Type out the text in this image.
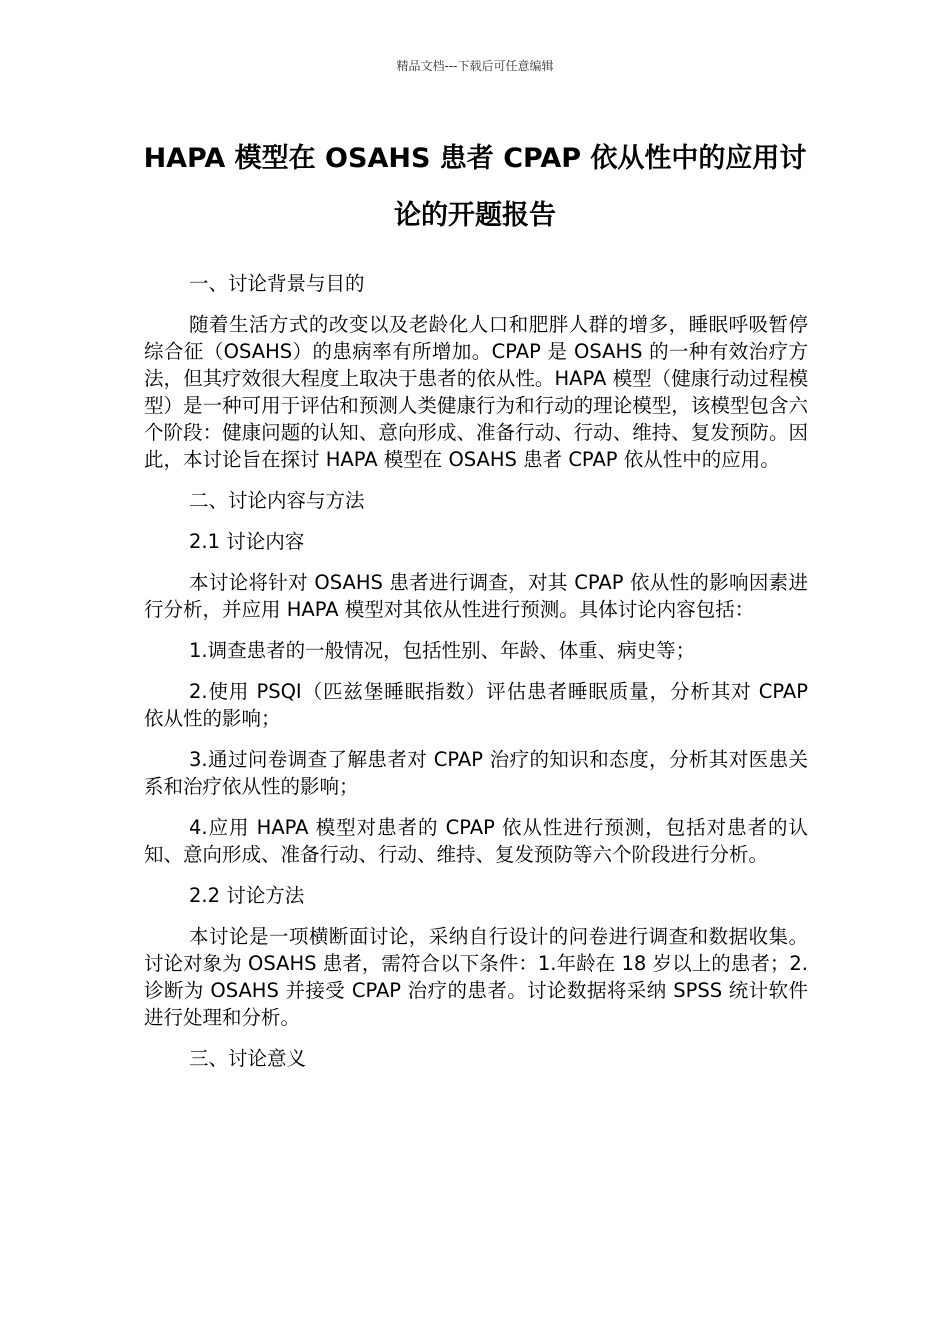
精品文档---下载后可任意编辑
HAPA 模型在 OSAHS 患者 CPAP 依从性中的应用讨论的开题报告

一、讨论背景与目的

随着生活方式的改变以及老龄化人口和肥胖人群的增多，睡眠呼吸暂停综合征（OSAHS）的患病率有所增加。CPAP 是 OSAHS 的一种有效治疗方法，但其疗效很大程度上取决于患者的依从性。HAPA 模型（健康行动过程模型）是一种可用于评估和预测人类健康行为和行动的理论模型，该模型包含六个阶段：健康问题的认知、意向形成、准备行动、行动、维持、复发预防。因此，本讨论旨在探讨 HAPA 模型在 OSAHS 患者 CPAP 依从性中的应用。

二、讨论内容与方法

2.1 讨论内容

本讨论将针对 OSAHS 患者进行调查，对其 CPAP 依从性的影响因素进行分析，并应用 HAPA 模型对其依从性进行预测。具体讨论内容包括：

1.调查患者的一般情况，包括性别、年龄、体重、病史等；

2.使用 PSQI（匹兹堡睡眠指数）评估患者睡眠质量，分析其对 CPAP 依从性的影响；

3.通过问卷调查了解患者对 CPAP 治疗的知识和态度，分析其对医患关系和治疗依从性的影响；

4.应用 HAPA 模型对患者的 CPAP 依从性进行预测，包括对患者的认知、意向形成、准备行动、行动、维持、复发预防等六个阶段进行分析。

2.2 讨论方法

本讨论是一项横断面讨论，采纳自行设计的问卷进行调查和数据收集。讨论对象为 OSAHS 患者，需符合以下条件：1.年龄在 18 岁以上的患者；2.诊断为 OSAHS 并接受 CPAP 治疗的患者。讨论数据将采纳 SPSS 统计软件进行处理和分析。

三、讨论意义
